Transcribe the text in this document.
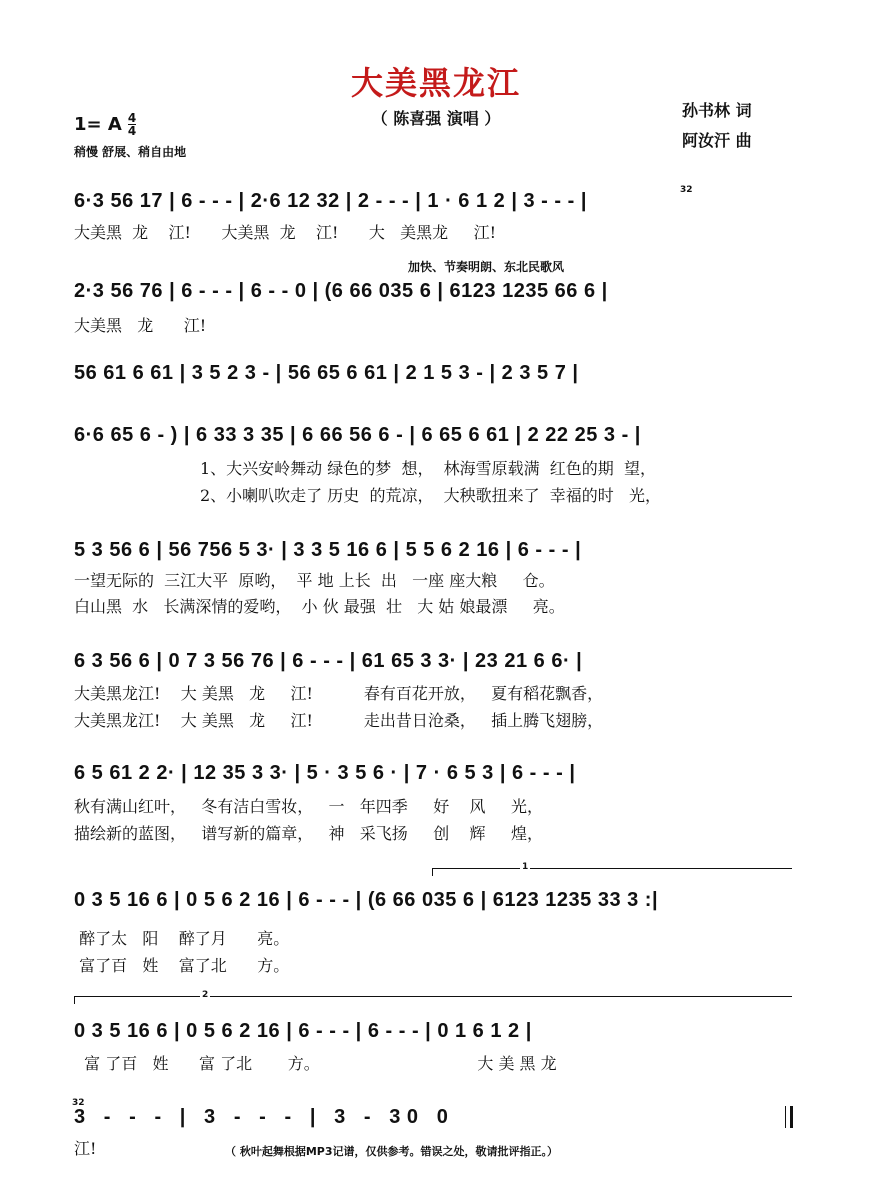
大美黑龙江
（ 陈喜强 演唱 ）
1= A $\frac{4}{4}$
稍慢 舒展、稍自由地
孙书林 词
阿汝汗 曲
32
加快、节奏明朗、东北民歌风
6·3 56 17 | 6 - - - | 2·6 12 32 | 2 - - - | 1 · 6 1 2 | 3 - - - |
大美黑  龙    江!      大美黑  龙    江!      大   美黑龙     江!
2·3 56 76 | 6 - - - | 6 - - 0 | (6 66 035 6 | 6123 1235 66 6 |
大美黑   龙      江!
56 61 6 61 | 3 5 2 3 - | 56 65 6 61 | 2 1 5 3 - | 2 3 5 7 |
6·6 65 6 - ) | 6 33 3 35 | 6 66 56 6 - | 6 65 6 61 | 2 22 25 3 - |
1、大兴安岭舞动 绿色的梦  想，  林海雪原载满  红色的期  望，
2、小喇叭吹走了 历史  的荒凉，  大秧歌扭来了  幸福的时   光，
5 3 56 6 | 56 756 5 3· | 3 3 5 16 6 | 5 5 6 2 16 | 6 - - - |
一望无际的  三江大平  原哟，  平 地 上长  出   一座 座大粮     仓。
白山黑  水   长满深情的爱哟，  小 伙 最强  壮   大 姑 娘最漂     亮。
6 3 56 6 | 0 7 3 56 76 | 6 - - - | 61 65 3 3· | 23 21 6 6· |
大美黑龙江!    大 美黑   龙     江!          春有百花开放，   夏有稻花飘香，
大美黑龙江!    大 美黑   龙     江!          走出昔日沧桑，   插上腾飞翅膀，
6 5 61 2 2· | 12 35 3 3· | 5 · 3 5 6 · | 7 · 6 5 3 | 6 - - - |
秋有满山红叶，   冬有洁白雪妆，   一   年四季     好    风     光，
描绘新的蓝图，   谱写新的篇章，   神   采飞扬     创    辉     煌，
1
0 3 5 16 6 | 0 5 6 2 16 | 6 - - - | (6 66 035 6 | 6123 1235 33 3 :|
醉了太   阳    醉了月      亮。
富了百   姓    富了北      方。
2
0 3 5 16 6 | 0 5 6 2 16 | 6 - - - | 6 - - - | 0 1 6 1 2 |
富 了百   姓      富 了北       方。                               大 美 黑 龙
32
3   -   -   -   |   3   -   -   -   |   3   -   3 0   0
江!	（ 秋叶起舞根据MP3记谱，仅供参考。错误之处，敬请批评指正。）
